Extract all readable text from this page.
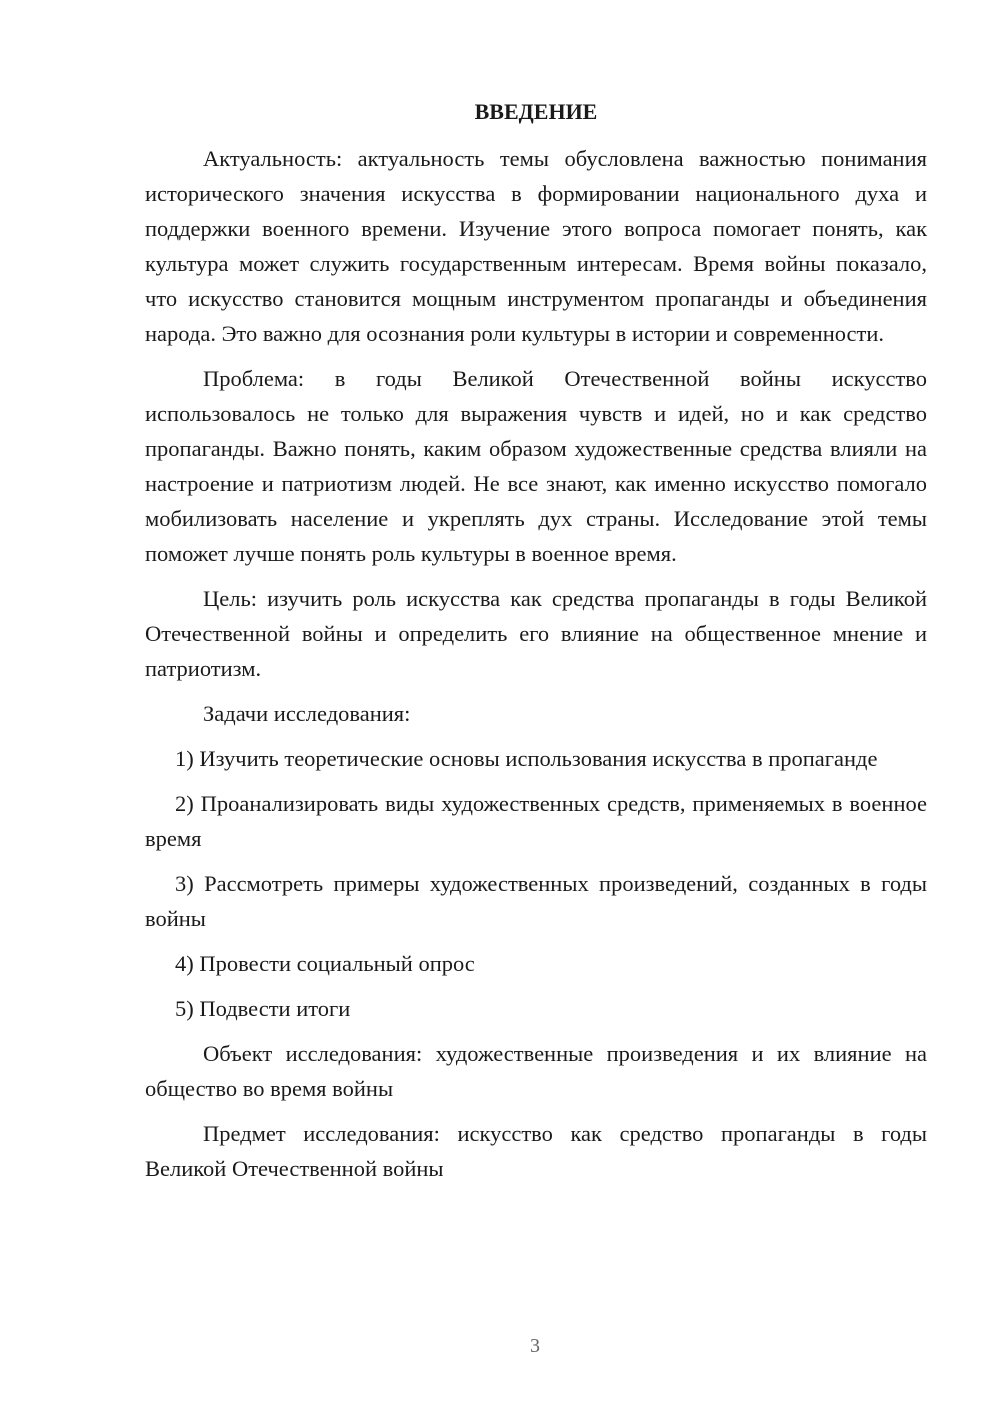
ВВЕДЕНИЕ

Актуальность: актуальность темы обусловлена важностью понимания исторического значения искусства в формировании национального духа и поддержки военного времени. Изучение этого вопроса помогает понять, как культура может служить государственным интересам. Время войны показало, что искусство становится мощным инструментом пропаганды и объединения народа. Это важно для осознания роли культуры в истории и современности.

Проблема: в годы Великой Отечественной войны искусство использовалось не только для выражения чувств и идей, но и как средство пропаганды. Важно понять, каким образом художественные средства влияли на настроение и патриотизм людей. Не все знают, как именно искусство помогало мобилизовать население и укреплять дух страны. Исследование этой темы поможет лучше понять роль культуры в военное время.

Цель: изучить роль искусства как средства пропаганды в годы Великой Отечественной войны и определить его влияние на общественное мнение и патриотизм.

Задачи исследования:

1) Изучить теоретические основы использования искусства в пропаганде

2) Проанализировать виды художественных средств, применяемых в военное время

3) Рассмотреть примеры художественных произведений, созданных в годы войны

4) Провести социальный опрос

5) Подвести итоги

Объект исследования: художественные произведения и их влияние на общество во время войны

Предмет исследования: искусство как средство пропаганды в годы Великой Отечественной войны

3
